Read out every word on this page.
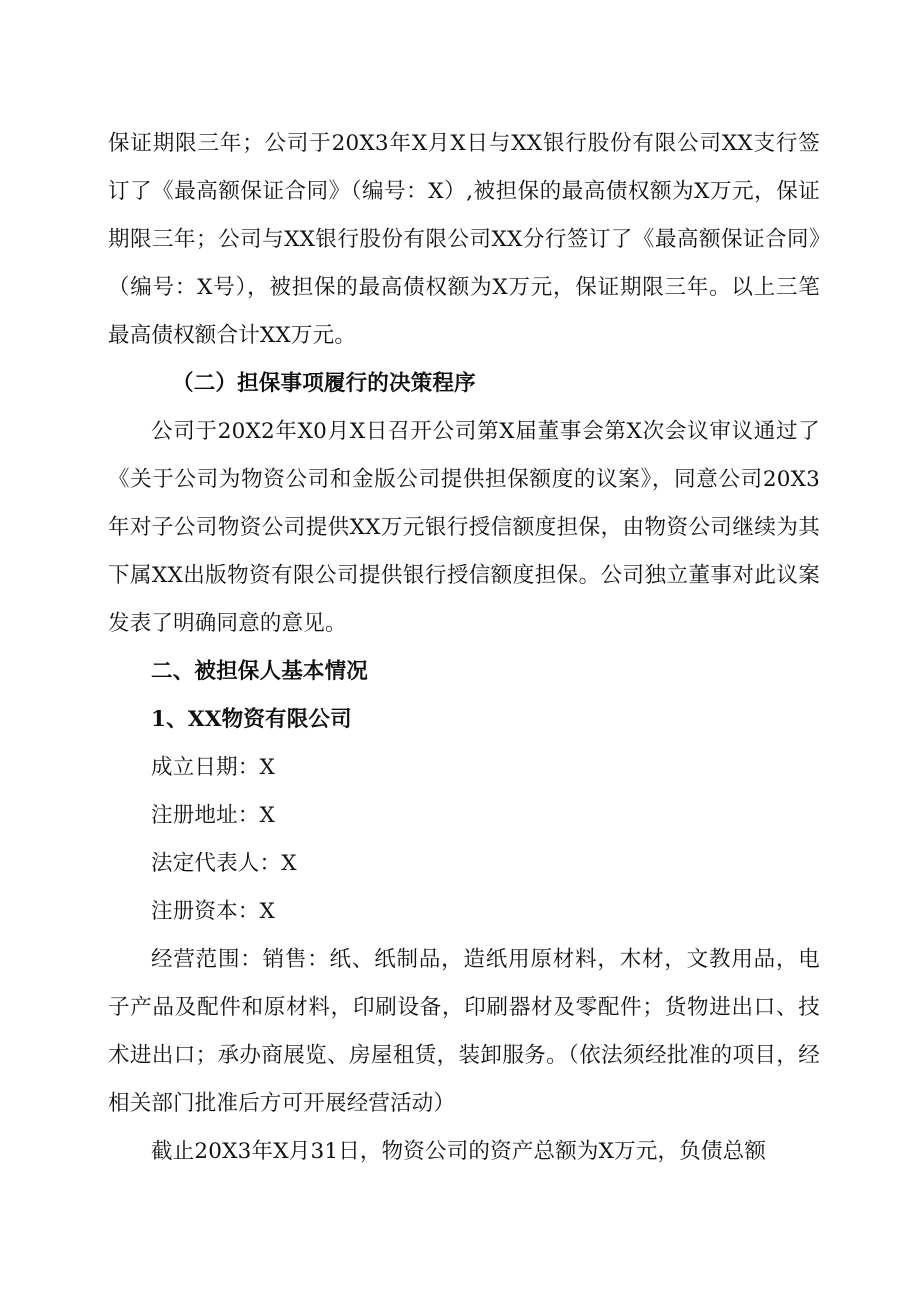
保证期限三年；公司于20X3年X月X日与XX银行股份有限公司XX支行签订了《最高额保证合同》（编号：X）,被担保的最高债权额为X万元，保证期限三年；公司与XX银行股份有限公司XX分行签订了《最高额保证合同》（编号：X号），被担保的最高债权额为X万元，保证期限三年。以上三笔最高债权额合计XX万元。

（二）担保事项履行的决策程序

公司于20X2年X0月X日召开公司第X届董事会第X次会议审议通过了《关于公司为物资公司和金版公司提供担保额度的议案》，同意公司20X3年对子公司物资公司提供XX万元银行授信额度担保，由物资公司继续为其下属XX出版物资有限公司提供银行授信额度担保。公司独立董事对此议案发表了明确同意的意见。

二、被担保人基本情况

1、XX物资有限公司

成立日期：X

注册地址：X

法定代表人：X

注册资本：X

经营范围：销售：纸、纸制品，造纸用原材料，木材，文教用品，电子产品及配件和原材料，印刷设备，印刷器材及零配件；货物进出口、技术进出口；承办商展览、房屋租赁，装卸服务。（依法须经批准的项目，经相关部门批准后方可开展经营活动）

截止20X3年X月31日，物资公司的资产总额为X万元，负债总额
